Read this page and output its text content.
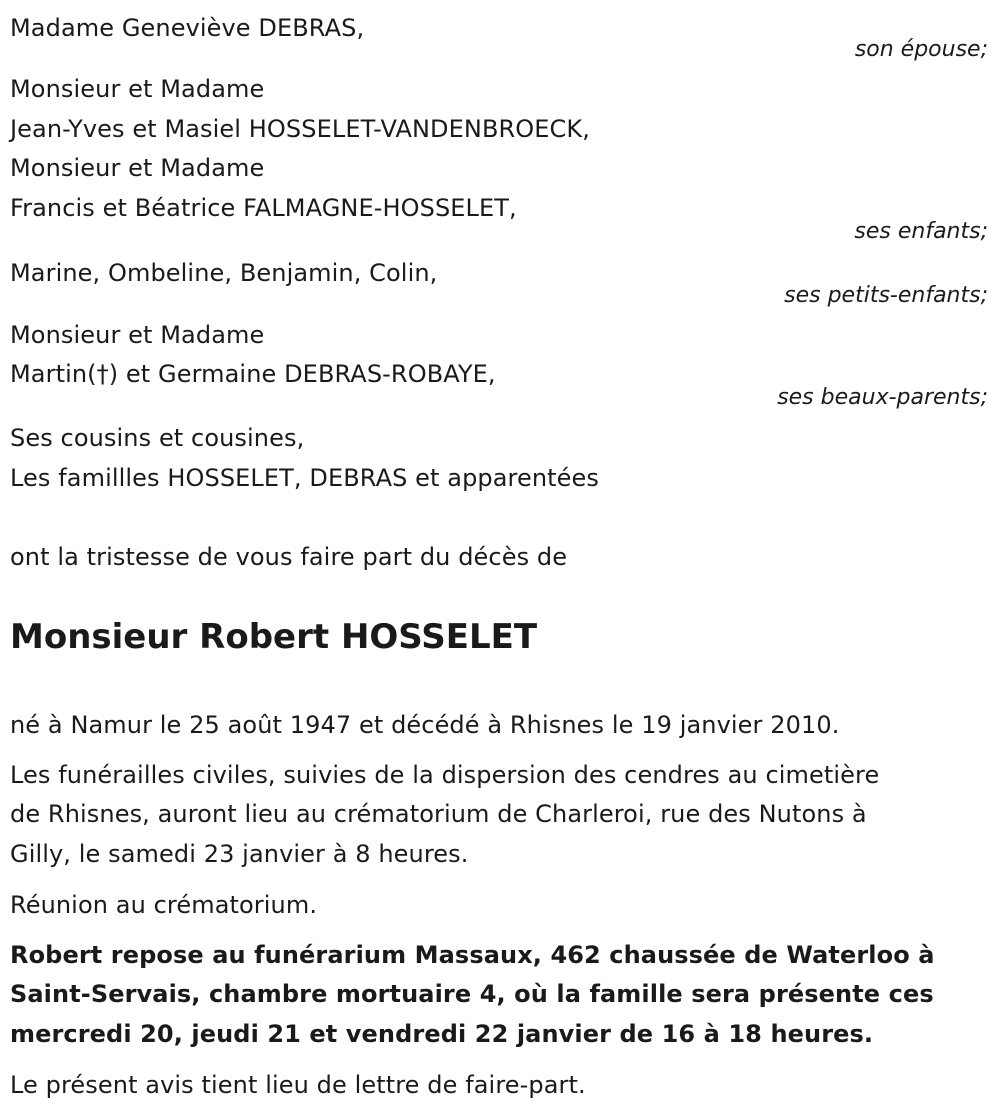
Madame Geneviève DEBRAS,
son épouse;
Monsieur et Madame
Jean-Yves et Masiel HOSSELET-VANDENBROECK,
Monsieur et Madame
Francis et Béatrice FALMAGNE-HOSSELET,
ses enfants;
Marine, Ombeline, Benjamin, Colin,
ses petits-enfants;
Monsieur et Madame
Martin(†) et Germaine DEBRAS-ROBAYE,
ses beaux-parents;
Ses cousins et cousines,
Les famillles HOSSELET, DEBRAS et apparentées
ont la tristesse de vous faire part du décès de
Monsieur Robert HOSSELET
né à Namur le 25 août 1947 et décédé à Rhisnes le 19 janvier 2010.
Les funérailles civiles, suivies de la dispersion des cendres au cimetière
de Rhisnes, auront lieu au crématorium de Charleroi, rue des Nutons à
Gilly, le samedi 23 janvier à 8 heures.
Réunion au crématorium.
Robert repose au funérarium Massaux, 462 chaussée de Waterloo à
Saint-Servais, chambre mortuaire 4, où la famille sera présente ces
mercredi 20, jeudi 21 et vendredi 22 janvier de 16 à 18 heures.
Le présent avis tient lieu de lettre de faire-part.
